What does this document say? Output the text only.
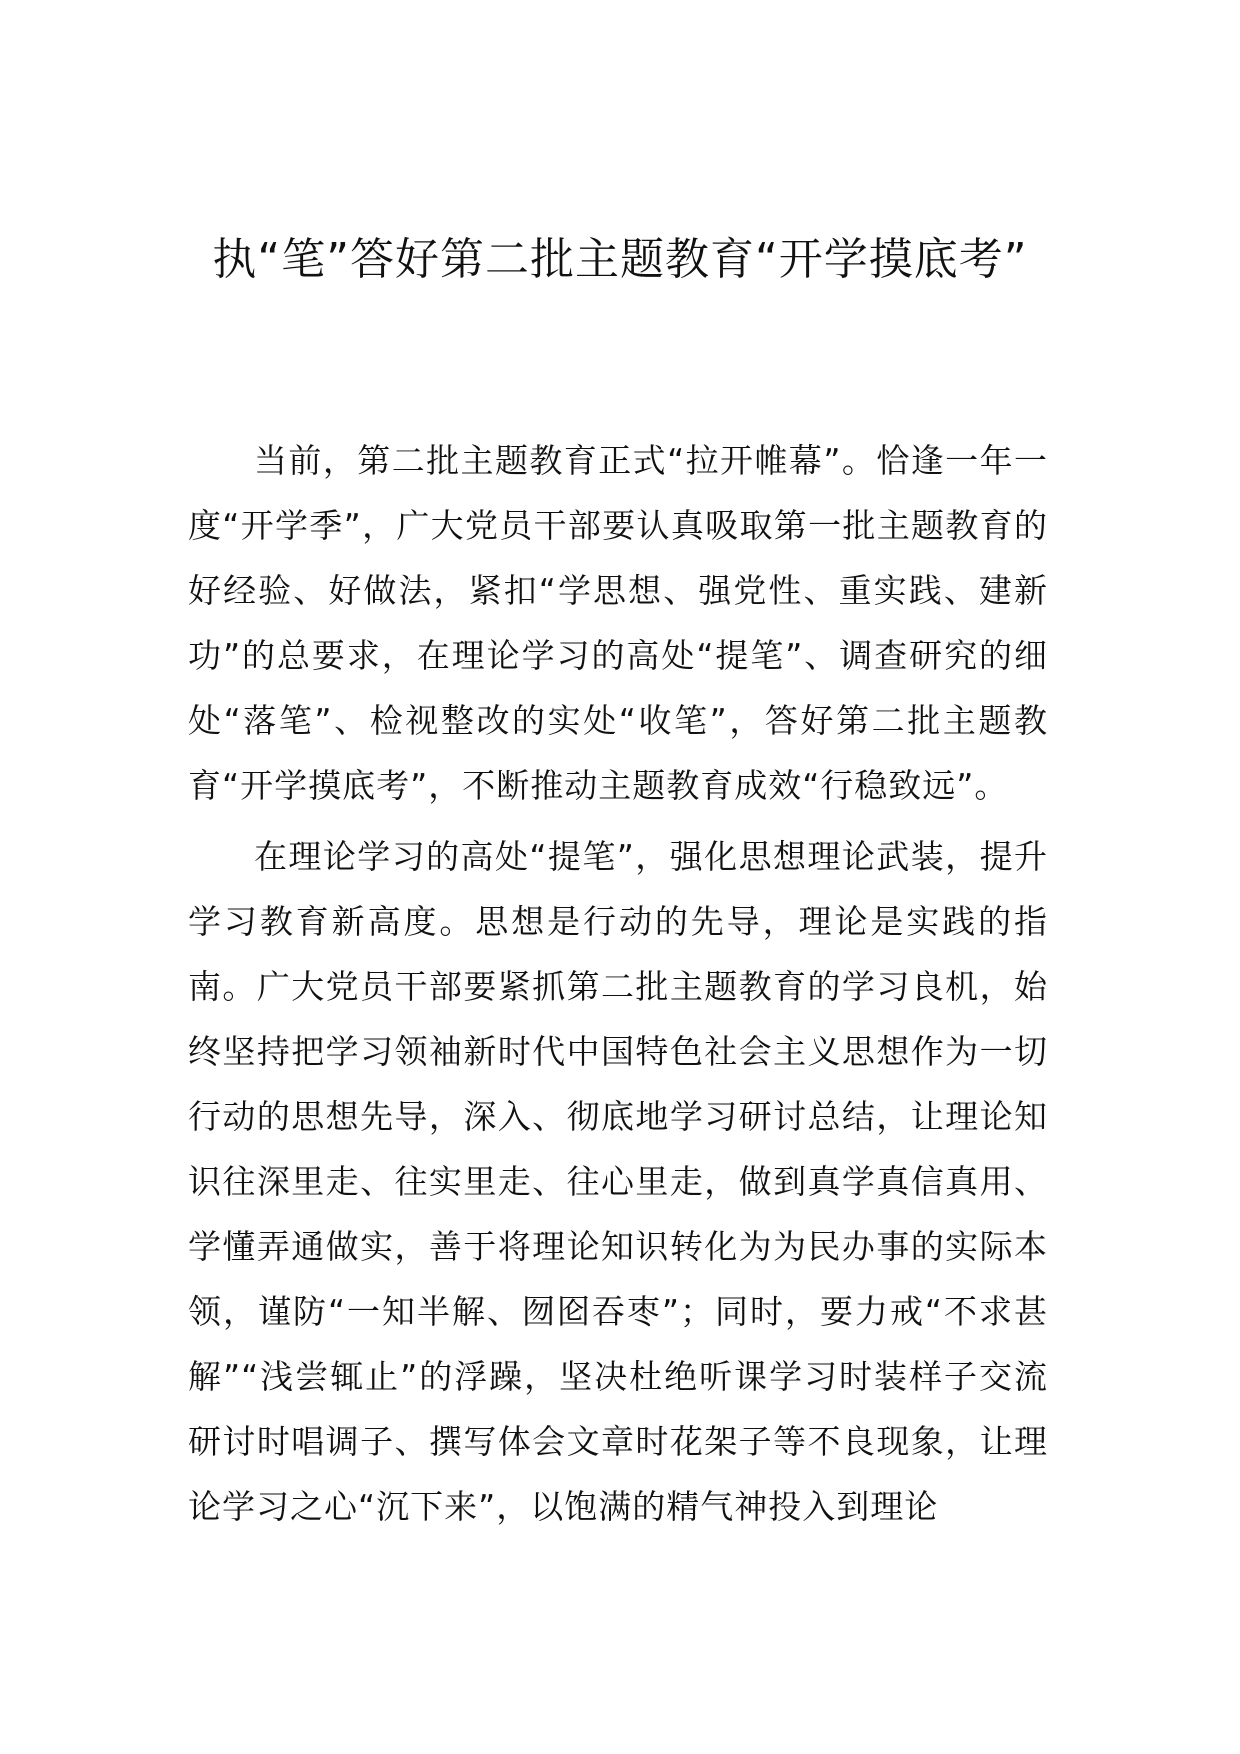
执“笔”答好第二批主题教育“开学摸底考”

当前，第二批主题教育正式“拉开帷幕”。恰逢一年一度“开学季”，广大党员干部要认真吸取第一批主题教育的好经验、好做法，紧扣“学思想、强党性、重实践、建新功”的总要求，在理论学习的高处“提笔”、调查研究的细处“落笔”、检视整改的实处“收笔”，答好第二批主题教育“开学摸底考”，不断推动主题教育成效“行稳致远”。

在理论学习的高处“提笔”，强化思想理论武装，提升学习教育新高度。思想是行动的先导，理论是实践的指南。广大党员干部要紧抓第二批主题教育的学习良机，始终坚持把学习领袖新时代中国特色社会主义思想作为一切行动的思想先导，深入、彻底地学习研讨总结，让理论知识往深里走、往实里走、往心里走，做到真学真信真用、学懂弄通做实，善于将理论知识转化为为民办事的实际本领，谨防“一知半解、囫囵吞枣”；同时，要力戒“不求甚解”“浅尝辄止”的浮躁，坚决杜绝听课学习时装样子交流研讨时唱调子、撰写体会文章时花架子等不良现象，让理论学习之心“沉下来”，以饱满的精气神投入到理论
